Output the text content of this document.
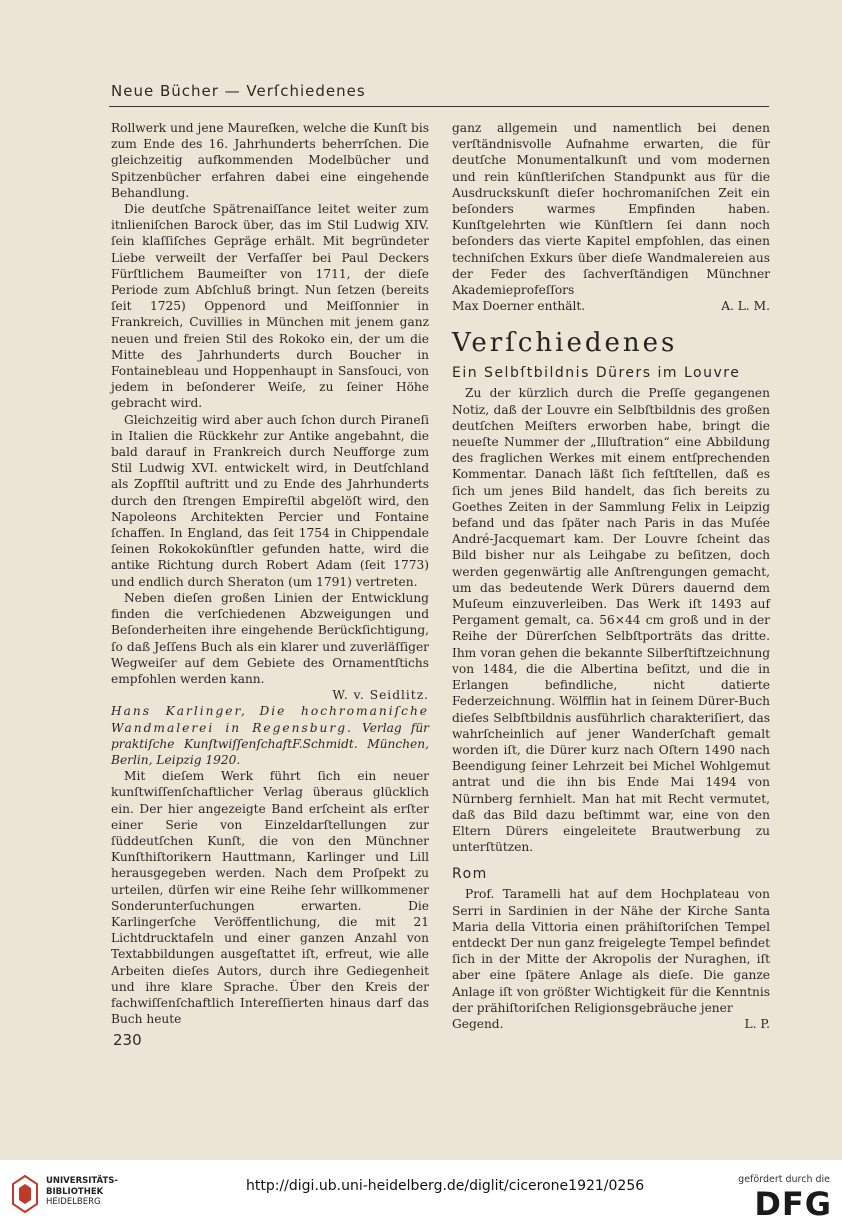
Neue Bücher — Verſchiedenes

Rollwerk und jene Maureſken, welche die Kunſt bis zum Ende des 16. Jahrhunderts beherrſchen. Die gleichzeitig aufkommenden Modelbücher und Spitzenbücher erfahren dabei eine eingehende Behandlung.

Die deutſche Spätrenaiſſance leitet weiter zum itnlieniſchen Barock über, das im Stil Ludwig XIV. ſein klaſſiſches Gepräge erhält. Mit begründeter Liebe verweilt der Verfaſſer bei Paul Deckers Fürſtlichem Baumeiſter von 1711, der dieſe Periode zum Abſchluß bringt. Nun ſetzen (bereits ſeit 1725) Oppenord und Meiſſonnier in Frankreich, Cuvillies in München mit jenem ganz neuen und freien Stil des Rokoko ein, der um die Mitte des Jahrhunderts durch Boucher in Fontainebleau und Hoppenhaupt in Sansſouci, von jedem in beſonderer Weiſe, zu ſeiner Höhe gebracht wird.

Gleichzeitig wird aber auch ſchon durch Piraneſi in Italien die Rückkehr zur Antike angebahnt, die bald darauf in Frankreich durch Neufforge zum Stil Ludwig XVI. entwickelt wird, in Deutſchland als Zopfſtil auftritt und zu Ende des Jahrhunderts durch den ſtrengen Empireſtil abgelöſt wird, den Napoleons Architekten Percier und Fontaine ſchaffen. In England, das ſeit 1754 in Chippendale ſeinen Rokokokünſtler gefunden hatte, wird die antike Richtung durch Robert Adam (ſeit 1773) und endlich durch Sheraton (um 1791) vertreten.

Neben dieſen großen Linien der Entwicklung finden die verſchiedenen Abzweigungen und Beſonderheiten ihre eingehende Berückſichtigung, ſo daß Jeſſens Buch als ein klarer und zuverläſſiger Wegweiſer auf dem Gebiete des Ornamentſtichs empfohlen werden kann.

W. v. Seidlitz.

Hans Karlinger, Die hochromaniſche Wandmalerei in Regensburg. Verlag für praktiſche KunſtwiſſenſchaftF.Schmidt. München, Berlin, Leipzig 1920.

Mit dieſem Werk führt ſich ein neuer kunſtwiſſenſchaftlicher Verlag überaus glücklich ein. Der hier angezeigte Band erſcheint als erſter einer Serie von Einzeldarſtellungen zur ſüddeutſchen Kunſt, die von den Münchner Kunſthiſtorikern Hauttmann, Karlinger und Lill herausgegeben werden. Nach dem Proſpekt zu urteilen, dürfen wir eine Reihe ſehr willkommener Sonderunterſuchungen erwarten. Die Karlingerſche Veröffentlichung, die mit 21 Lichtdrucktafeln und einer ganzen Anzahl von Textabbildungen ausgeſtattet iſt, erfreut, wie alle Arbeiten dieſes Autors, durch ihre Gediegenheit und ihre klare Sprache. Über den Kreis der fachwiſſenſchaftlich Intereſſierten hinaus darf das Buch heute

ganz allgemein und namentlich bei denen verſtändnisvolle Aufnahme erwarten, die für deutſche Monumentalkunſt und vom modernen und rein künſtleriſchen Standpunkt aus für die Ausdruckskunſt dieſer hochromaniſchen Zeit ein beſonders warmes Empfinden haben. Kunſtgelehrten wie Künſtlern ſei dann noch beſonders das vierte Kapitel empfohlen, das einen techniſchen Exkurs über dieſe Wandmalereien aus der Feder des ſachverſtändigen Münchner Akademieprofeſſors

Max Doerner enthält.	A. L. M.
Verſchiedenes
Ein Selbſtbildnis Dürers im Louvre

Zu der kürzlich durch die Preſſe gegangenen Notiz, daß der Louvre ein Selbſtbildnis des großen deutſchen Meiſters erworben habe, bringt die neueſte Nummer der „Illuſtration“ eine Abbildung des fraglichen Werkes mit einem entſprechenden Kommentar. Danach läßt ſich feſtſtellen, daß es ſich um jenes Bild handelt, das ſich bereits zu Goethes Zeiten in der Sammlung Felix in Leipzig befand und das ſpäter nach Paris in das Muſée André-Jacquemart kam. Der Louvre ſcheint das Bild bisher nur als Leihgabe zu beſitzen, doch werden gegenwärtig alle Anſtrengungen gemacht, um das bedeutende Werk Dürers dauernd dem Muſeum einzuverleiben. Das Werk iſt 1493 auf Pergament gemalt, ca. 56×44 cm groß und in der Reihe der Dürerſchen Selbſtporträts das dritte. Ihm voran gehen die bekannte Silberſtiftzeichnung von 1484, die die Albertina beſitzt, und die in Erlangen befindliche, nicht datierte Federzeichnung. Wölfflin hat in ſeinem Dürer-Buch dieſes Selbſtbildnis ausführlich charakteriſiert, das wahrſcheinlich auf jener Wanderſchaft gemalt worden iſt, die Dürer kurz nach Oſtern 1490 nach Beendigung ſeiner Lehrzeit bei Michel Wohlgemut antrat und die ihn bis Ende Mai 1494 von Nürnberg fernhielt. Man hat mit Recht vermutet, daß das Bild dazu beſtimmt war, eine von den Eltern Dürers eingeleitete Brautwerbung zu unterſtützen.

Rom

Prof. Taramelli hat auf dem Hochplateau von Serri in Sardinien in der Nähe der Kirche Santa Maria della Vittoria einen prähiſtoriſchen Tempel entdeckt Der nun ganz freigelegte Tempel befindet ſich in der Mitte der Akropolis der Nuraghen, iſt aber eine ſpätere Anlage als dieſe. Die ganze Anlage iſt von größter Wichtigkeit für die Kenntnis der prähiſtoriſchen Religionsgebräuche jener

Gegend.	L. P.
230
UNIVERSITÄTS-
BIBLIOTHEK
HEIDELBERG
http://digi.ub.uni-heidelberg.de/diglit/cicerone1921/0256	gefördert durch die
DFG
